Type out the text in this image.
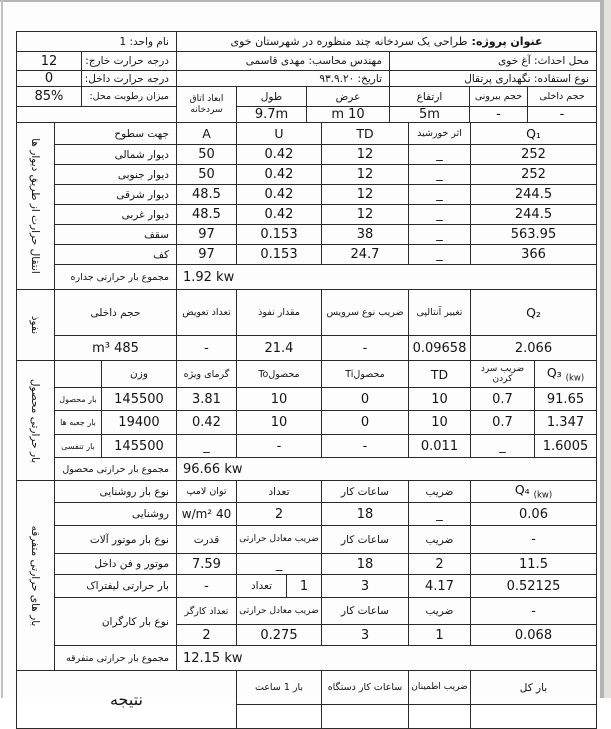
عنوان پروژه:طراحی یک سردخانه چند منظوره در شهرستان خوی						نام واحد: 1	
محل احداث: آغ خوی			مهندس محاسب: مهدی قاسمی			درجه حرارت خارج:	12
نوع استفاده: نگهداری پرتقال			تاریخ: ۹۳.۹.۲۰			درجه حرارت داخل:	0
حجم داخلی	حجم بیرونی	ارتفاع	عرض	طول	ابعاد اتاق سردخانه	میزان رطوبت محل:	85%
-	-	5m	10 m	9.7m			
Q₁		اثر خورشید	TD	U		A	جهت سطوح		انتقال حرارت از طریق دیوار ها

252		_	12	0.42		50	دیوار شمالی		
252		_	12	0.42		50	دیوار جنوبی		
244.5		_	12	0.42		48.5	دیوار شرقی		
244.5		_	12	0.42		48.5	دیوار غربی		
563.95		_	38	0.153		97	سقف		
366		_	24.7	0.153		97	کف		
1.92 kw							مجموع بار حرارتی جداره		
Q₂		تغییر آنتالپی	ضریب نوع سرویس	مقدار نفوذ		تعداد تعویض	حجم داخلی		نفوذ

2.066		0.09658	-	21.4		-	485 m³		
Q₃ $_{(kw)}$	ضریب سرد کردن	TD	محصولTi	محصولTo		گرمای ویژه	وزن		بار حرارتی محصول

91.65	0.7	10	0	10		3.81	145500	بار محصول	
1.347	0.7	10	0	10		0.42	19400	بار جعبه ها	
1.6005	_	0.011	-	-		_	145500	بار تنفسی	
96.66 kw							مجموع بار حرارتی محصول		
Q₄ $_{(kw)}$		ضریب	ساعات کار	تعداد		توان لامپ	نوع بار روشنایی		بار های حرارتی متفرقه

0.06		_	18	2		40 w/m²	روشنایی		
-		ضریب	ساعات کار	ضریب معادل حرارتی		قدرت	نوع بار موتور آلات		
11.5		2	18	_		7.59	موتور و فن داخل		
0.52125		4.17	3	1	تعداد	-	بار حرارتی لیفتراک		
-		ضریب	ساعات کار	ضریب معادل حرارتی		تعداد کارگر	نوع بار کارگران		
0.068		1	3	0.275		2			
12.15 kw							مجموع بار حرارتی متفرقه		
بار کل		ضریب اطمینان	ساعات کار دستگاه	بار 1 ساعت		نتیجه			
